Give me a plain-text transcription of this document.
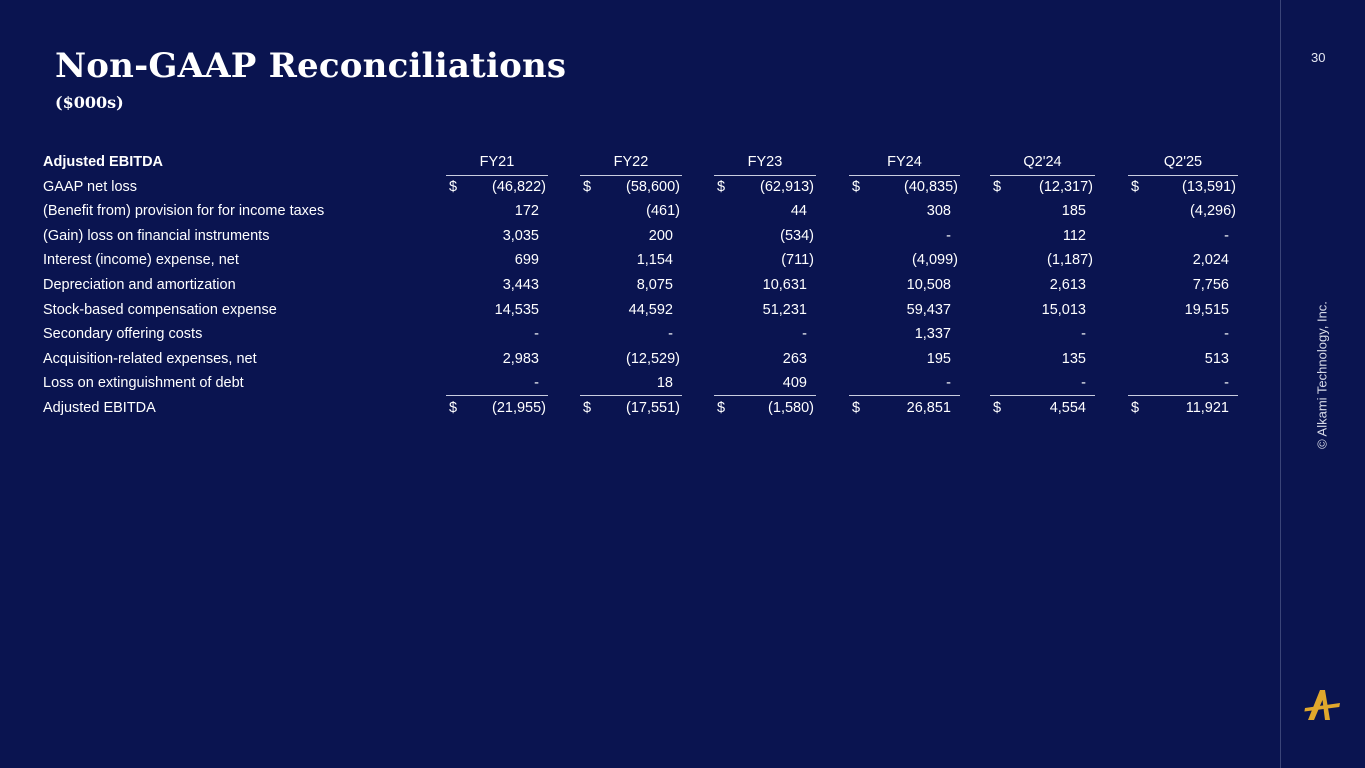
Non-GAAP Reconciliations
($000s)
30
© Alkami Technology, Inc.
Adjusted EBITDA	FY21	FY22	FY23	FY24	Q2'24	Q2'25
GAAP net loss	$	(46,822)	$	(58,600)	$	(62,913)	$	(40,835) $	(12,317)	$	(13,591)
(Benefit from) provision for for income taxes	172	(461)	44	308	185	(4,296)
(Gain) loss on financial instruments	3,035	200	(534)	-	112	-
Interest (income) expense, net	699	1,154	(711)	(4,099)	(1,187)	2,024
Depreciation and amortization	3,443	8,075	10,631	10,508	2,613	7,756
Stock-based compensation expense	14,535	44,592	51,231	59,437	15,013	19,515
Secondary offering costs	-	-	-	1,337	-	-
Acquisition-related expenses, net	2,983	(12,529)	263	195	135	513
Loss on extinguishment of debt	-	18	409	-	-	-
Adjusted EBITDA	$	(21,955)	$	(17,551)	$	(1,580)	$	26,851	$	4,554	$	11,921
